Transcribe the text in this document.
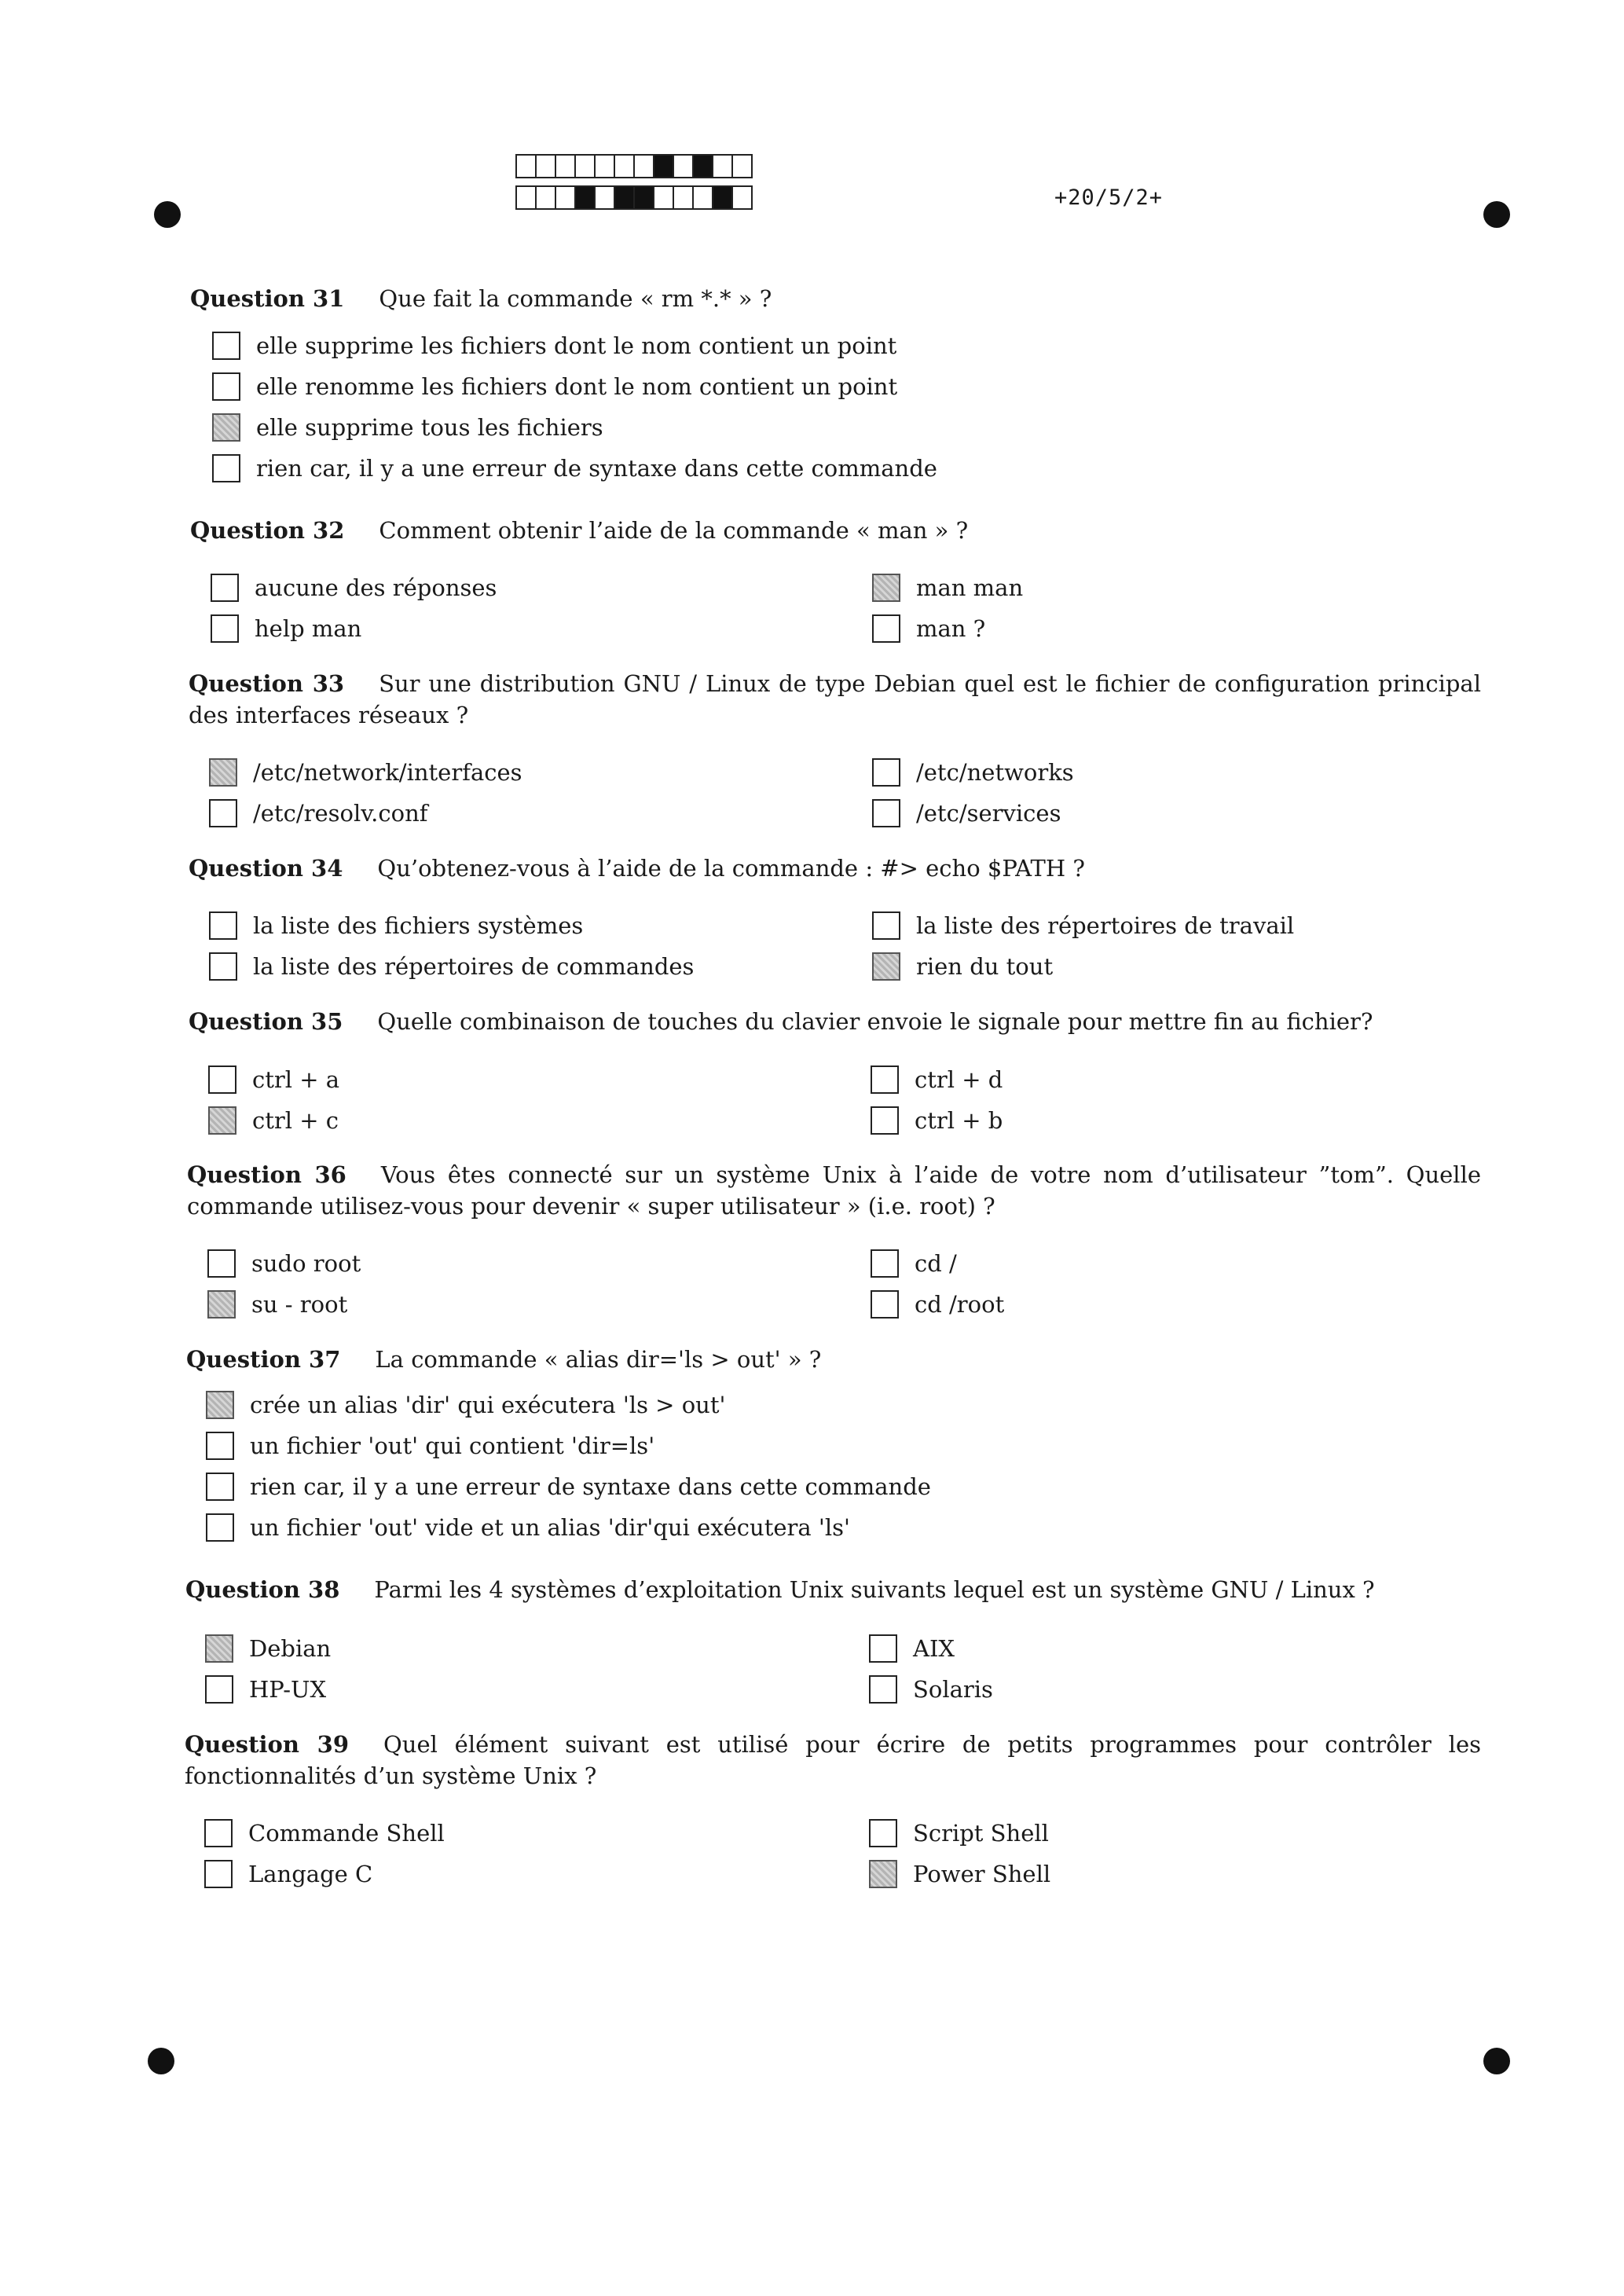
+20/5/2+
Question 31 Que fait la commande « rm *.* » ?
elle supprime les fichiers dont le nom contient un point
elle renomme les fichiers dont le nom contient un point
elle supprime tous les fichiers
rien car, il y a une erreur de syntaxe dans cette commande
Question 32 Comment obtenir l’aide de la commande « man » ?
aucune des réponses	man man
help man	man ?
Question 33 Sur une distribution GNU / Linux de type Debian quel est le fichier de configuration principal des interfaces réseaux ?
/etc/network/interfaces	/etc/networks
/etc/resolv.conf	/etc/services
Question 34 Qu’obtenez-vous à l’aide de la commande : #> echo $PATH ?
la liste des fichiers systèmes	la liste des répertoires de travail
la liste des répertoires de commandes	rien du tout
Question 35 Quelle combinaison de touches du clavier envoie le signale pour mettre fin au fichier?
ctrl + a	ctrl + d
ctrl + c	ctrl + b
Question 36 Vous êtes connecté sur un système Unix à l’aide de votre nom d’utilisateur ”tom”. Quelle commande utilisez-vous pour devenir « super utilisateur » (i.e. root) ?
sudo root	cd /
su - root	cd /root
Question 37 La commande « alias dir='ls > out' » ?
crée un alias 'dir' qui exécutera 'ls > out'
un fichier 'out' qui contient 'dir=ls'
rien car, il y a une erreur de syntaxe dans cette commande
un fichier 'out' vide et un alias 'dir'qui exécutera 'ls'
Question 38 Parmi les 4 systèmes d’exploitation Unix suivants lequel est un système GNU / Linux ?
Debian	AIX
HP-UX	Solaris
Question 39 Quel élément suivant est utilisé pour écrire de petits programmes pour contrôler les fonctionnalités d’un système Unix ?
Commande Shell	Script Shell
Langage C	Power Shell
